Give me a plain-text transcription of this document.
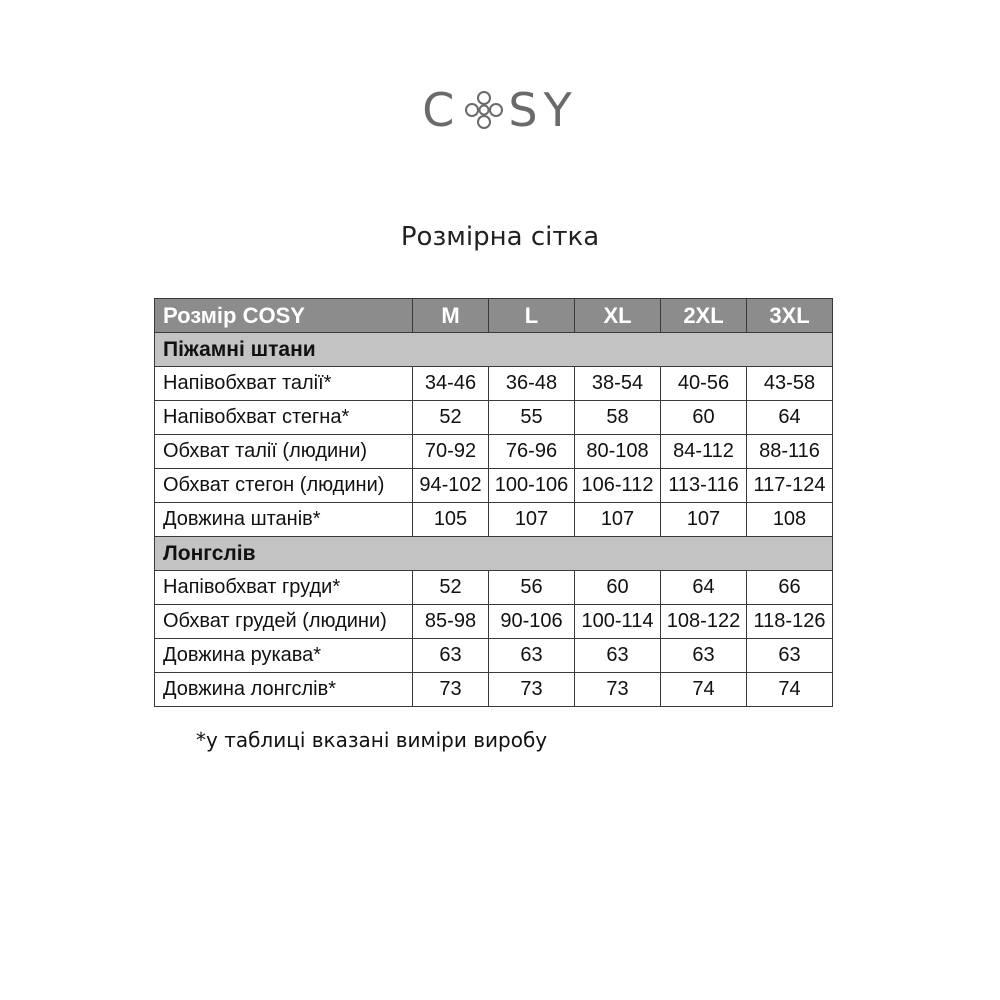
C SY
Розмірна сітка
Розмір COSY	M	L	XL	2XL	3XL
Піжамні штани					
Напівобхват талії*	34-46	36-48	38-54	40-56	43-58
Напівобхват стегна*	52	55	58	60	64
Обхват талії (людини)	70-92	76-96	80-108	84-112	88-116
Обхват стегон (людини)	94-102	100-106	106-112	113-116	117-124
Довжина штанів*	105	107	107	107	108
Лонгслів					
Напівобхват груди*	52	56	60	64	66
Обхват грудей (людини)	85-98	90-106	100-114	108-122	118-126
Довжина рукава*	63	63	63	63	63
Довжина лонгслів*	73	73	73	74	74
*у таблиці вказані виміри виробу
